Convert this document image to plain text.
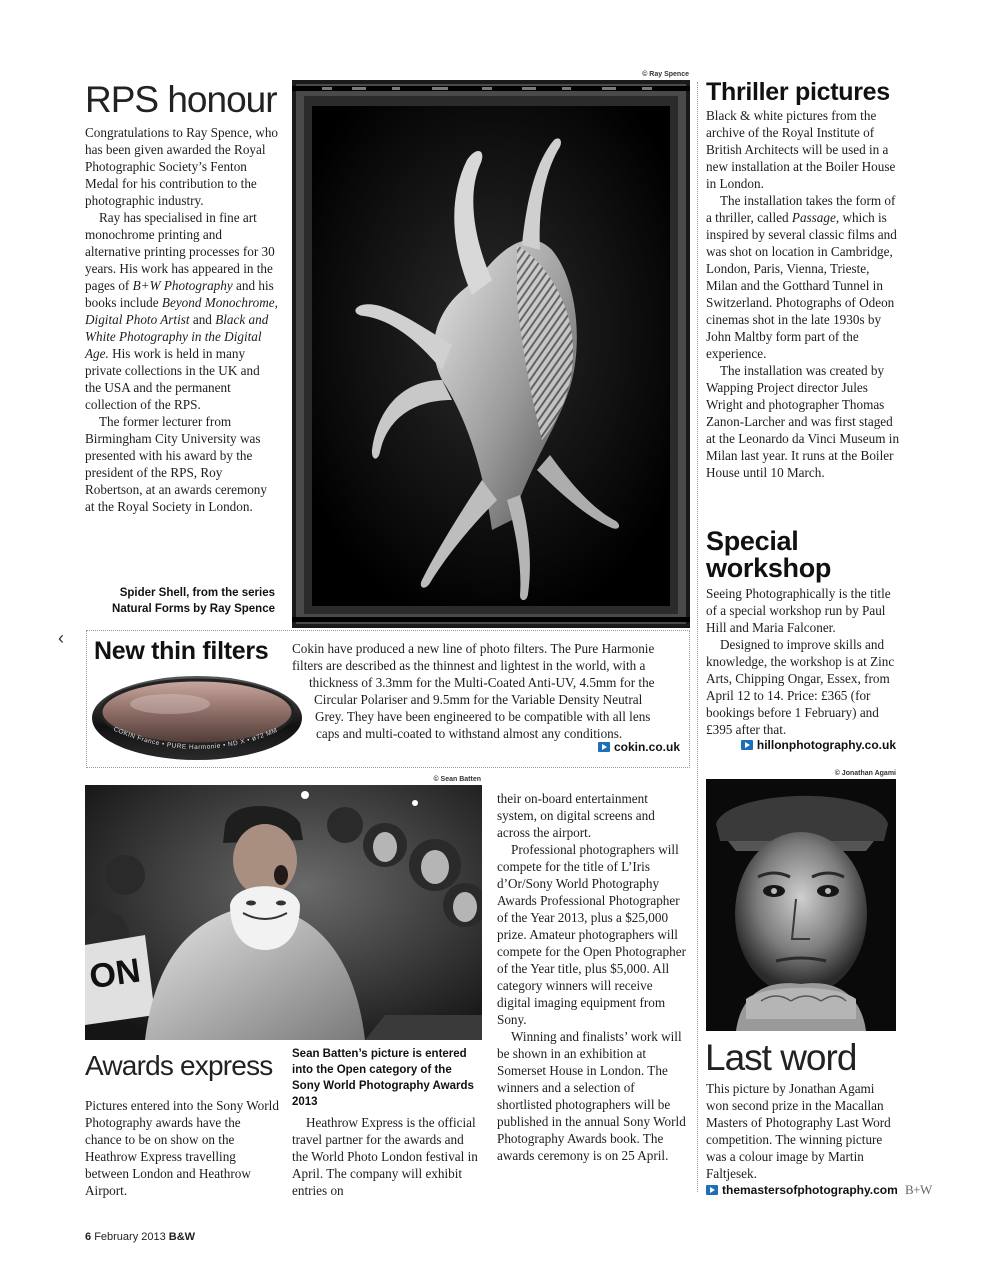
RPS honour

Congratulations to Ray Spence, who has been given awarded the Royal Photographic Society’s Fenton Medal for his contribution to the photographic industry.

Ray has specialised in fine art monochrome printing and alternative printing processes for 30 years. His work has appeared in the pages of B+W Photography and his books include Beyond Monochrome, Digital Photo Artist and Black and White Photography in the Digital Age. His work is held in many private collections in the UK and the USA and the permanent collection of the RPS.

The former lecturer from Birmingham City University was presented with his award by the president of the RPS, Roy Robertson, at an awards ceremony at the Royal Society in London.

Spider Shell, from the series
Natural Forms by Ray Spence
© Ray Spence
Thriller pictures

Black & white pictures from the archive of the Royal Institute of British Architects will be used in a new installation at the Boiler House in London.

The installation takes the form of a thriller, called Passage, which is inspired by several classic films and was shot on location in Cambridge, London, Paris, Vienna, Trieste, Milan and the Gotthard Tunnel in Switzerland. Photographs of Odeon cinemas shot in the late 1930s by John Maltby form part of the experience.

The installation was created by Wapping Project director Jules Wright and photographer Thomas Zanon-Larcher and was first staged at the Leonardo da Vinci Museum in Milan last year. It runs at the Boiler House until 10 March.

Special
workshop

Seeing Photographically is the title of a special workshop run by Paul Hill and Maria Falconer.

Designed to improve skills and knowledge, the workshop is at Zinc Arts, Chipping Ongar, Essex, from April 12 to 14. Price: £365 (for bookings before 1 February) and £395 after that.

hillonphotography.co.uk
‹ New thin filters
COKIN France • PURE Harmonie • ND X • ø72 MM
Cokin have produced a new line of photo filters. The Pure Harmonie
filters are described as the thinnest and lightest in the world, with a
thickness of 3.3mm for the Multi-Coated Anti-UV, 4.5mm for the
Circular Polariser and 9.5mm for the Variable Density Neutral
Grey. They have been engineered to be compatible with all lens
caps and multi-coated to withstand almost any conditions.
cokin.co.uk
© Sean Batten
ON
Awards express Sean Batten’s picture is entered into the Open category of the Sony World Photography Awards 2013

Pictures entered into the Sony World Photography awards have the chance to be on show on the Heathrow Express travelling between London and Heathrow Airport.

Heathrow Express is the official travel partner for the awards and the World Photo London festival in April. The company will exhibit entries on

their on-board entertainment system, on digital screens and across the airport.

Professional photographers will compete for the title of L’Iris d’Or/Sony World Photography Awards Professional Photographer of the Year 2013, plus a $25,000 prize. Amateur photographers will compete for the Open Photographer of the Year title, plus $5,000. All category winners will receive digital imaging equipment from Sony.

Winning and finalists’ work will be shown in an exhibition at Somerset House in London. The winners and a selection of shortlisted photographers will be published in the annual Sony World Photography Awards book. The awards ceremony is on 25 April.

© Jonathan Agami
Last word

This picture by Jonathan Agami won second prize in the Macallan Masters of Photography Last Word competition. The winning picture was a colour image by Martin Faltjesek.

themastersofphotography.com B+W
6 February 2013 B&W
